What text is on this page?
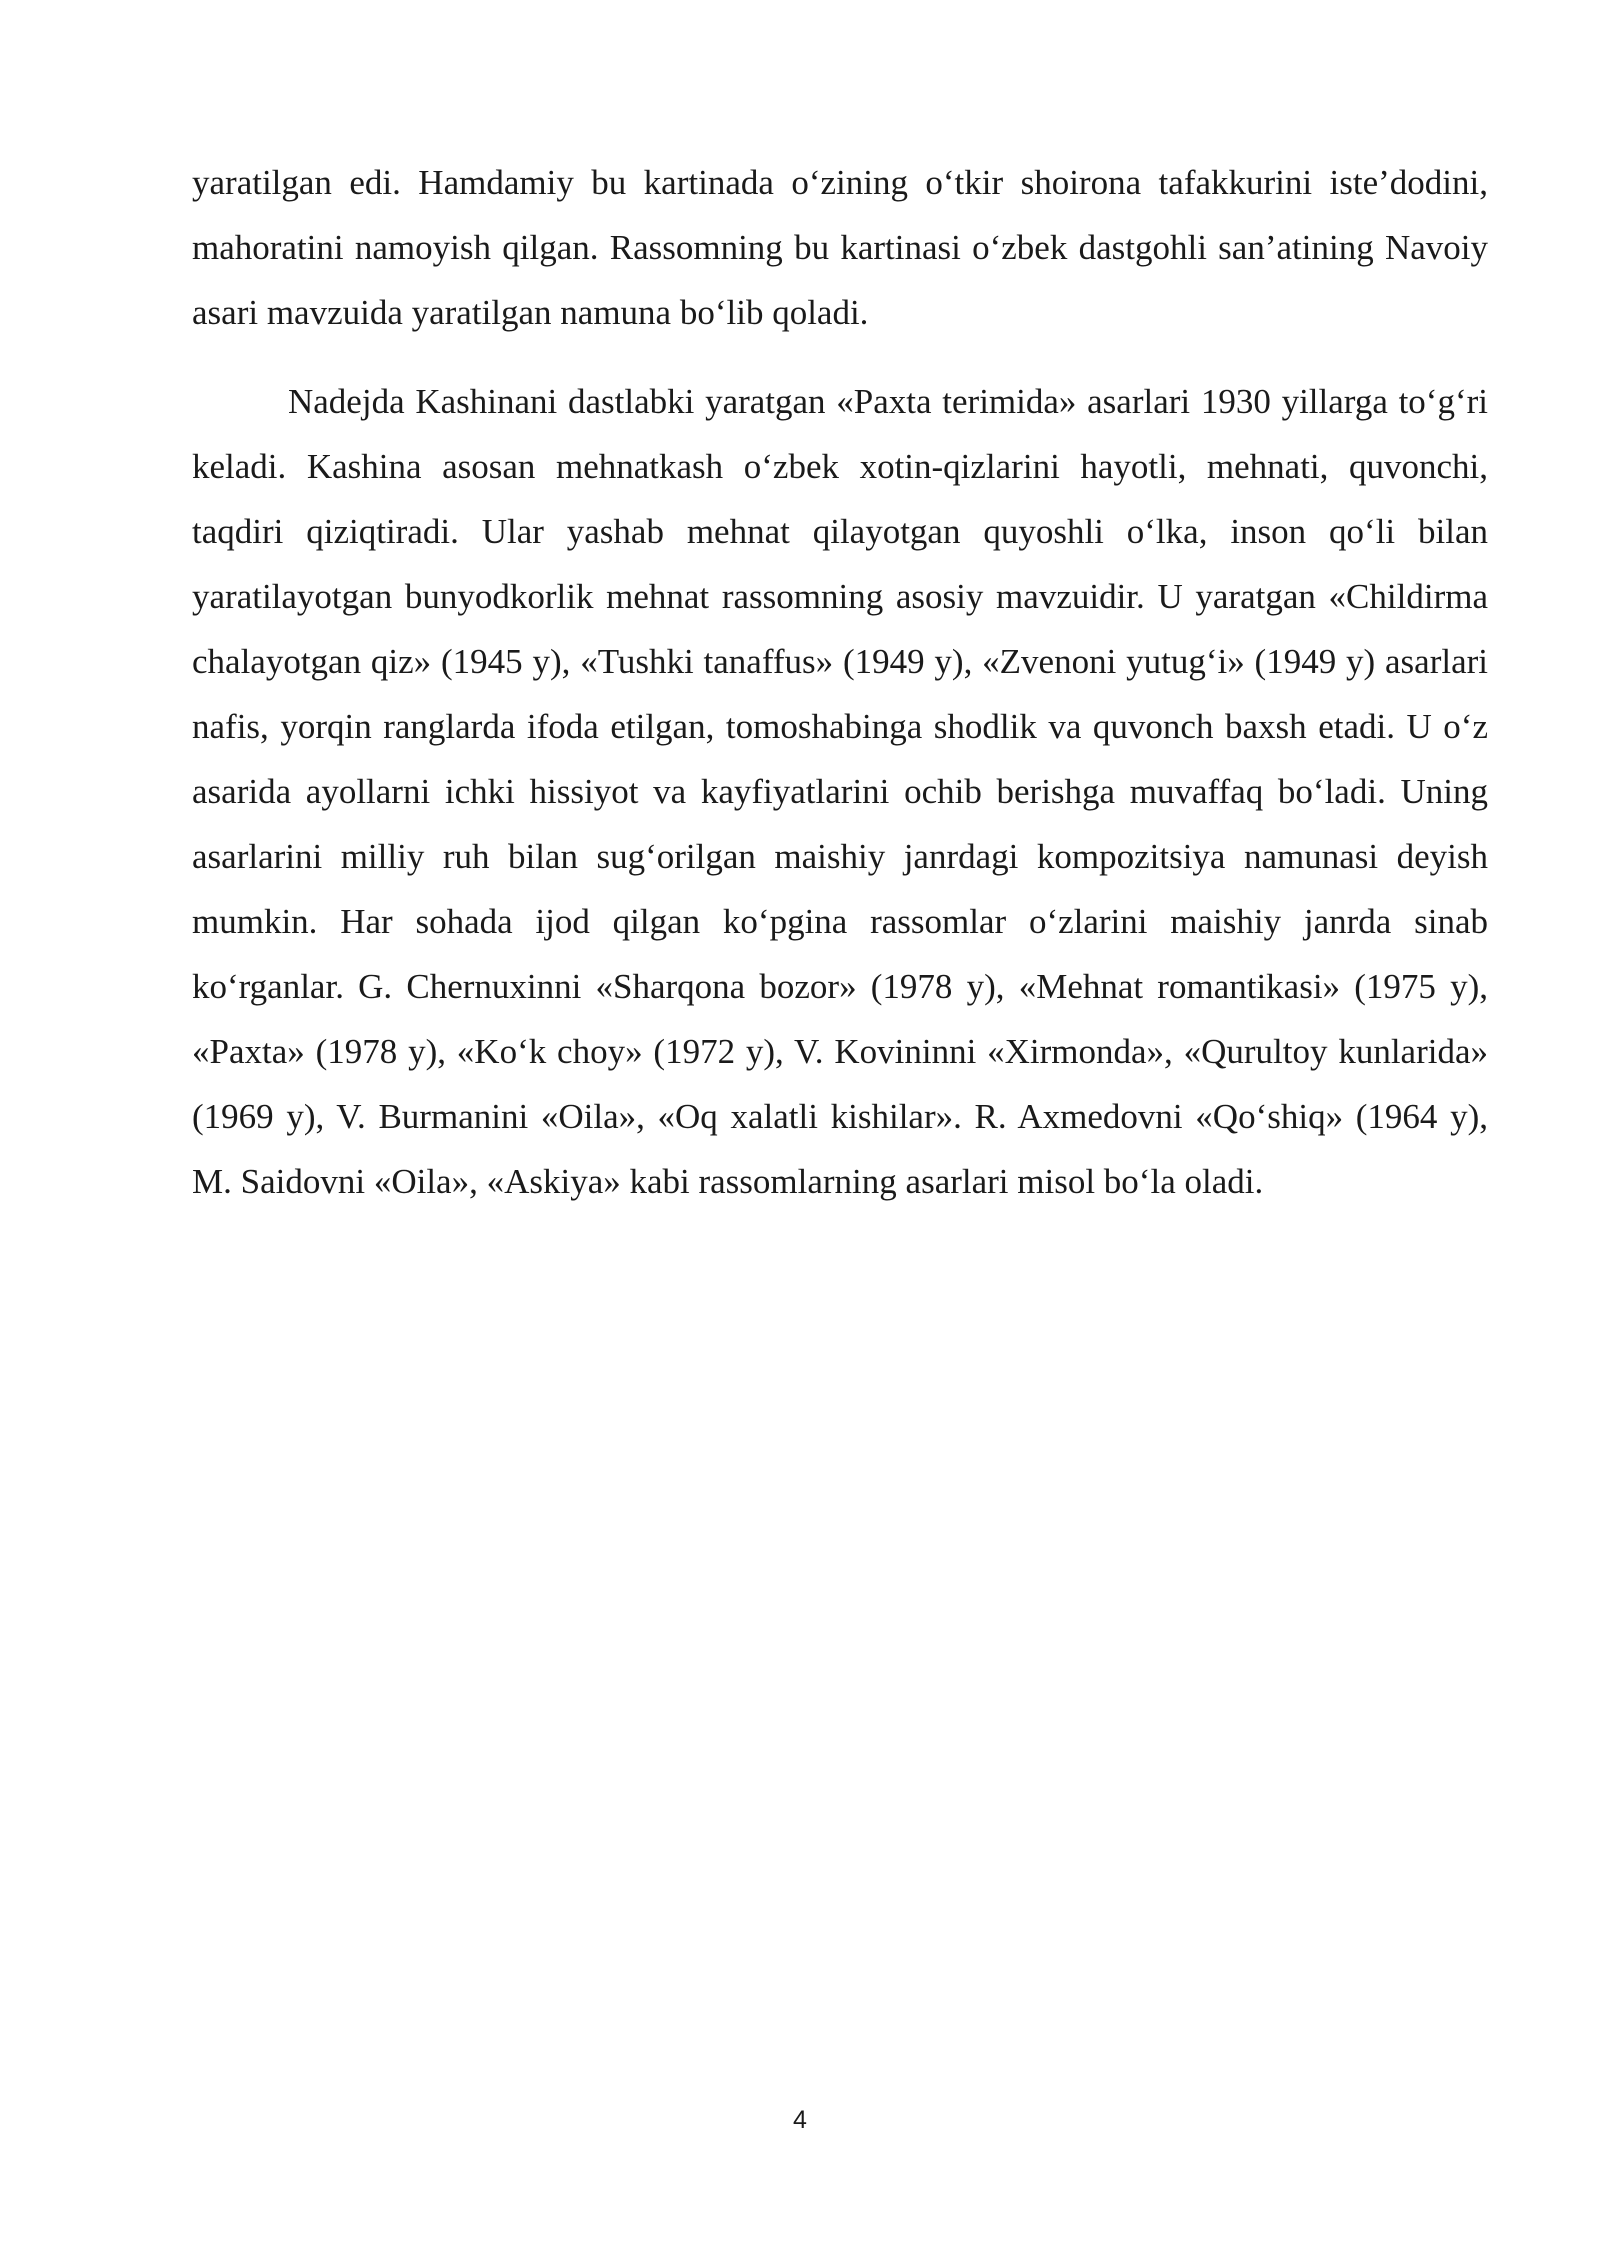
yaratilgan edi. Hamdamiy bu kartinada o‘zining o‘tkir shoirona tafakkurini iste’dodini, mahoratini namoyish qilgan. Rassomning bu kartinasi o‘zbek dastgohli san’atining Navoiy asari mavzuida yaratilgan namuna bo‘lib qoladi.

Nadejda Kashinani dastlabki yaratgan «Paxta terimida» asarlari 1930 yillarga to‘g‘ri keladi. Kashina asosan mehnatkash o‘zbek xotin-qizlarini hayotli, mehnati, quvonchi, taqdiri qiziqtiradi. Ular yashab mehnat qilayotgan quyoshli o‘lka, inson qo‘li bilan yaratilayotgan bunyodkorlik mehnat rassomning asosiy mavzuidir. U yaratgan «Childirma chalayotgan qiz» (1945 y), «Tushki tanaffus» (1949 y), «Zvenoni yutug‘i» (1949 y) asarlari nafis, yorqin ranglarda ifoda etilgan, tomoshabinga shodlik va quvonch baxsh etadi. U o‘z asarida ayollarni ichki hissiyot va kayfiyatlarini ochib berishga muvaffaq bo‘ladi. Uning asarlarini milliy ruh bilan sug‘orilgan maishiy janrdagi kompozitsiya namunasi deyish mumkin. Har sohada ijod qilgan ko‘pgina rassomlar o‘zlarini maishiy janrda sinab ko‘rganlar. G. Chernuxinni «Sharqona bozor» (1978 y), «Mehnat romantikasi» (1975 y), «Paxta» (1978 y), «Ko‘k choy» (1972 y), V. Kovininni «Xirmonda», «Qurultoy kunlarida» (1969 y), V. Burmanini «Oila», «Oq xalatli kishilar». R. Axmedovni «Qo‘shiq» (1964 y), M. Saidovni «Oila», «Askiya» kabi rassomlarning asarlari misol bo‘la oladi.

4
